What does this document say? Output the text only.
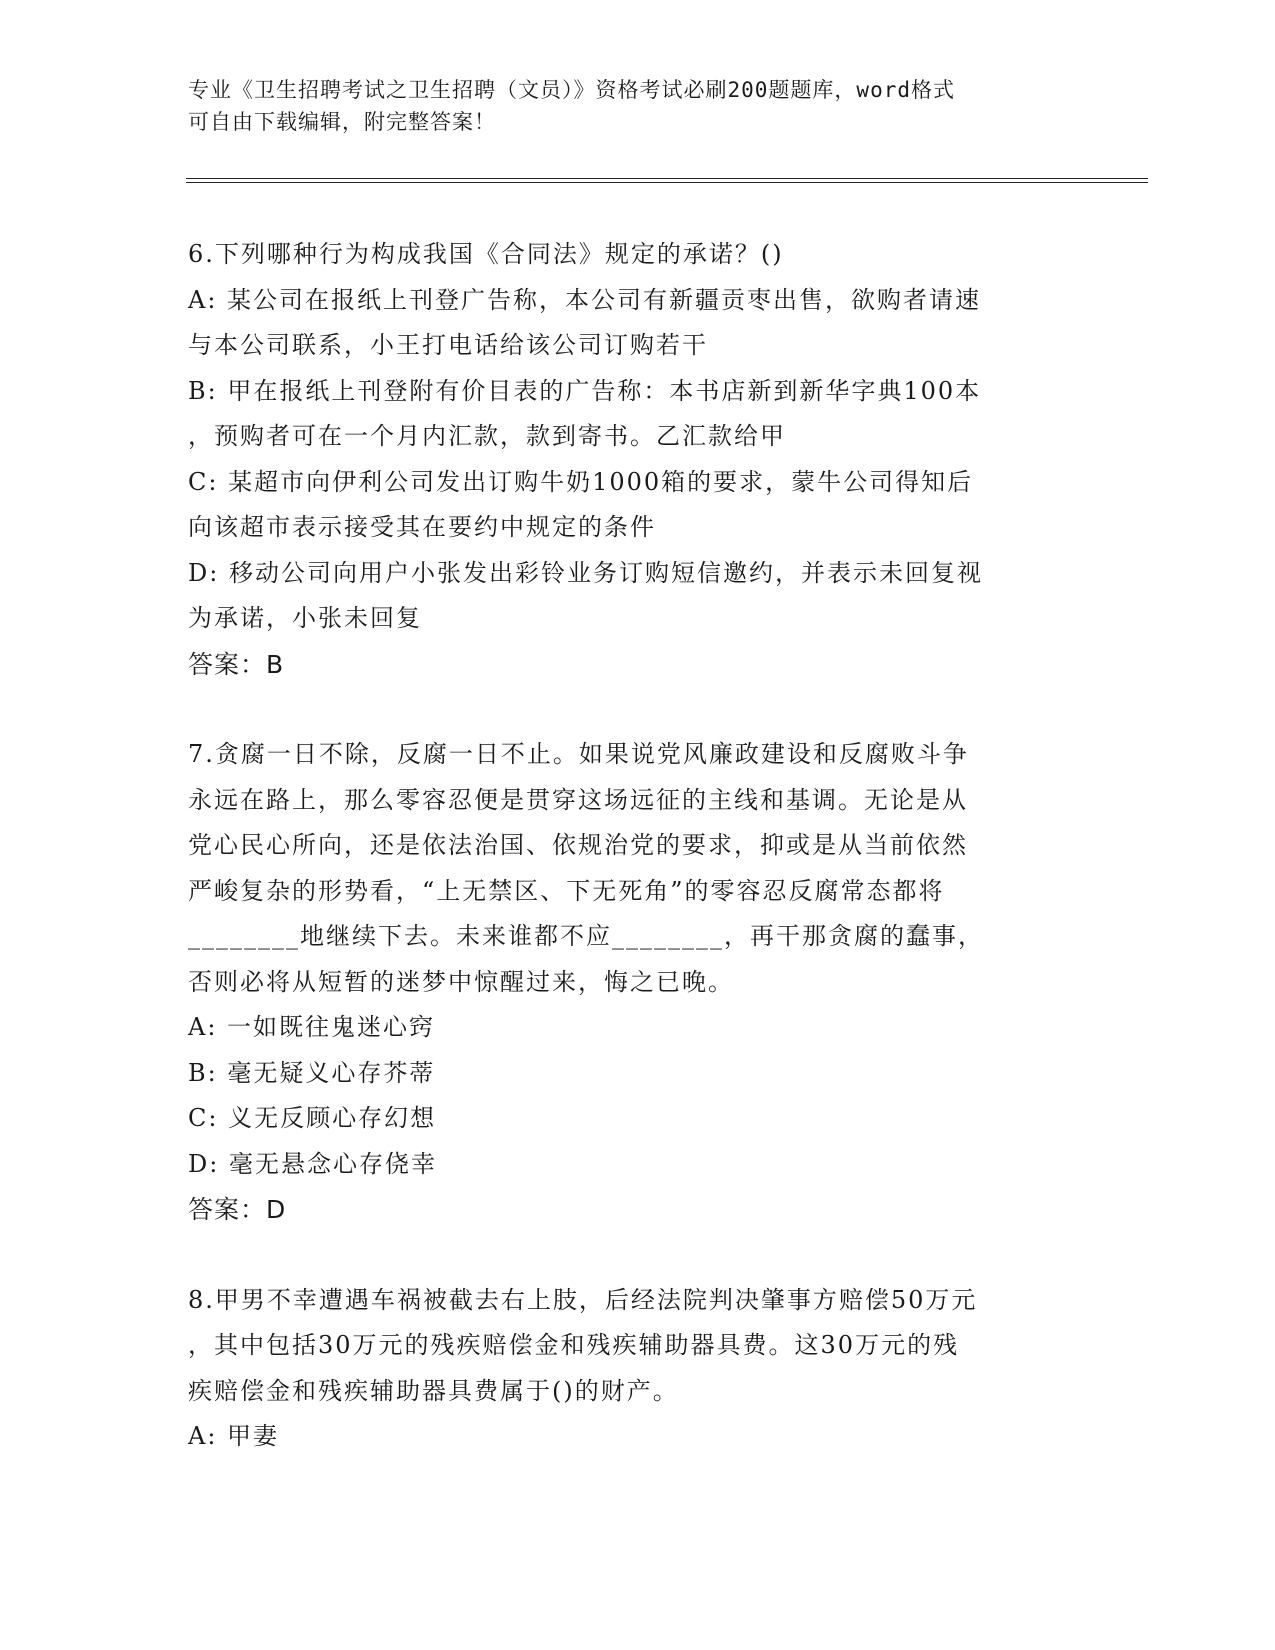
专业《卫生招聘考试之卫生招聘（文员）》资格考试必刷200题题库，word格式
可自由下载编辑，附完整答案！
6.下列哪种行为构成我国《合同法》规定的承诺？()
A: 某公司在报纸上刊登广告称，本公司有新疆贡枣出售，欲购者请速
与本公司联系，小王打电话给该公司订购若干
B: 甲在报纸上刊登附有价目表的广告称：本书店新到新华字典100本
，预购者可在一个月内汇款，款到寄书。乙汇款给甲
C: 某超市向伊利公司发出订购牛奶1000箱的要求，蒙牛公司得知后
向该超市表示接受其在要约中规定的条件
D: 移动公司向用户小张发出彩铃业务订购短信邀约，并表示未回复视
为承诺，小张未回复
答案：B
7.贪腐一日不除，反腐一日不止。如果说党风廉政建设和反腐败斗争
永远在路上，那么零容忍便是贯穿这场远征的主线和基调。无论是从
党心民心所向，还是依法治国、依规治党的要求，抑或是从当前依然
严峻复杂的形势看，“上无禁区、下无死角”的零容忍反腐常态都将
________地继续下去。未来谁都不应________，再干那贪腐的蠢事，
否则必将从短暂的迷梦中惊醒过来，悔之已晚。
A: 一如既往鬼迷心窍
B: 毫无疑义心存芥蒂
C: 义无反顾心存幻想
D: 毫无悬念心存侥幸
答案：D
8.甲男不幸遭遇车祸被截去右上肢，后经法院判决肇事方赔偿50万元
，其中包括30万元的残疾赔偿金和残疾辅助器具费。这30万元的残
疾赔偿金和残疾辅助器具费属于()的财产。
A: 甲妻
